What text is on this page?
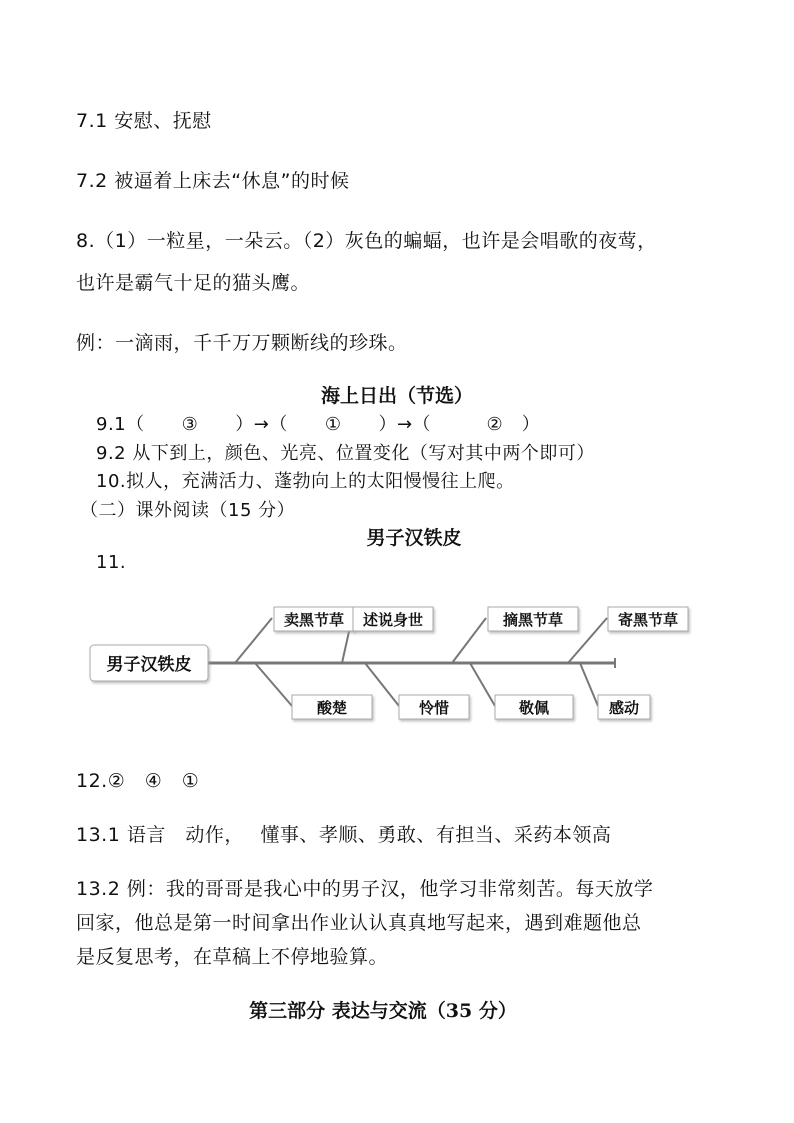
7.1 安慰、抚慰
7.2 被逼着上床去“休息”的时候
8.（1）一粒星，一朵云。（2）灰色的蝙蝠，也许是会唱歌的夜莺，
也许是霸气十足的猫头鹰。
例：一滴雨，千千万万颗断线的珍珠。
海上日出（节选）
9.1（　　③　　）→（　　①　　）→（　　　②　）
9.2 从下到上，颜色、光亮、位置变化（写对其中两个即可）
10.拟人，充满活力、蓬勃向上的太阳慢慢往上爬。
（二）课外阅读（15 分）
男子汉铁皮
11.
男子汉铁皮
卖黑节草 述说身世	摘黑节草	寄黑节草
酸楚	怜惜	敬佩	感动
12.②　④　①
13.1 语言　动作，　 懂事、孝顺、勇敢、有担当、采药本领高
13.2 例：我的哥哥是我心中的男子汉，他学习非常刻苦。每天放学
回家，他总是第一时间拿出作业认认真真地写起来，遇到难题他总
是反复思考，在草稿上不停地验算。
第三部分 表达与交流（35 分）
